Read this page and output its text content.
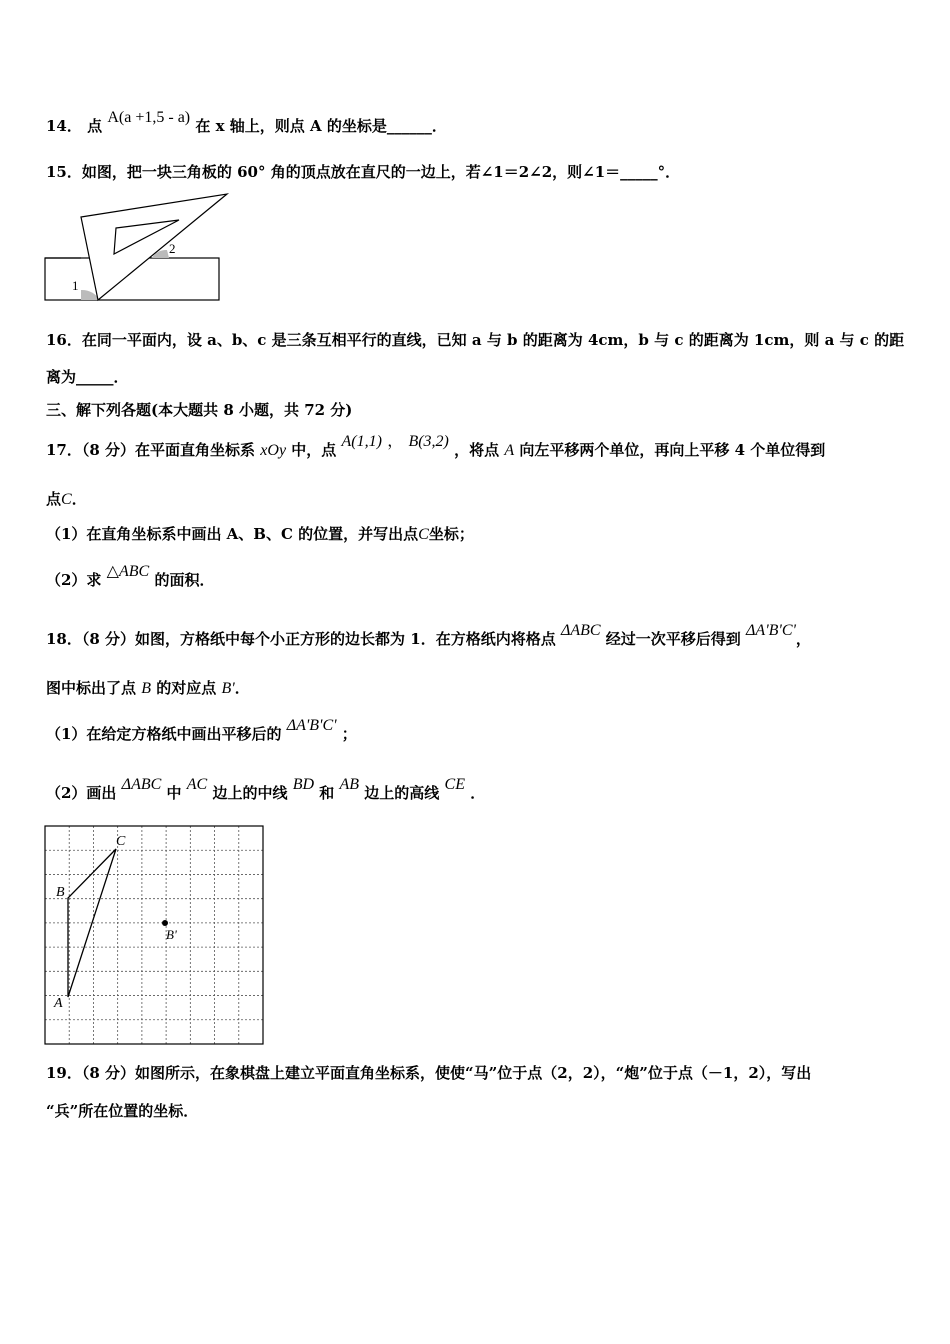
14． 点 A(a +1,5 - a) 在 x 轴上，则点 A 的坐标是______．
15．如图，把一块三角板的 60° 角的顶点放在直尺的一边上，若∠1＝2∠2，则∠1＝_____°．
1
2
16．在同一平面内，设 a、b、c 是三条互相平行的直线，已知 a 与 b 的距离为 4cm，b 与 c 的距离为 1cm，则 a 与 c 的距
离为_____．
三、解下列各题(本大题共 8 小题，共 72 分)
17．（8 分）在平面直角坐标系 xOy 中，点 A(1,1) ， B(3,2) ，将点 A 向左平移两个单位，再向上平移 4 个单位得到
点C．
（1）在直角坐标系中画出 A、B、C 的位置，并写出点C坐标；
（2）求 △ABC 的面积．
18．（8 分）如图，方格纸中每个小正方形的边长都为 1．在方格纸内将格点 ΔABC 经过一次平移后得到 ΔA'B'C'，
图中标出了点 B 的对应点 B'．
（1）在给定方格纸中画出平移后的 ΔA'B'C' ；
（2）画出 ΔABC 中 AC 边上的中线 BD 和 AB 边上的高线 CE ．
A
B
C
B'
19．（8 分）如图所示，在象棋盘上建立平面直角坐标系，使使“马”位于点（2，2），“炮”位于点（－1，2），写出
“兵”所在位置的坐标．
